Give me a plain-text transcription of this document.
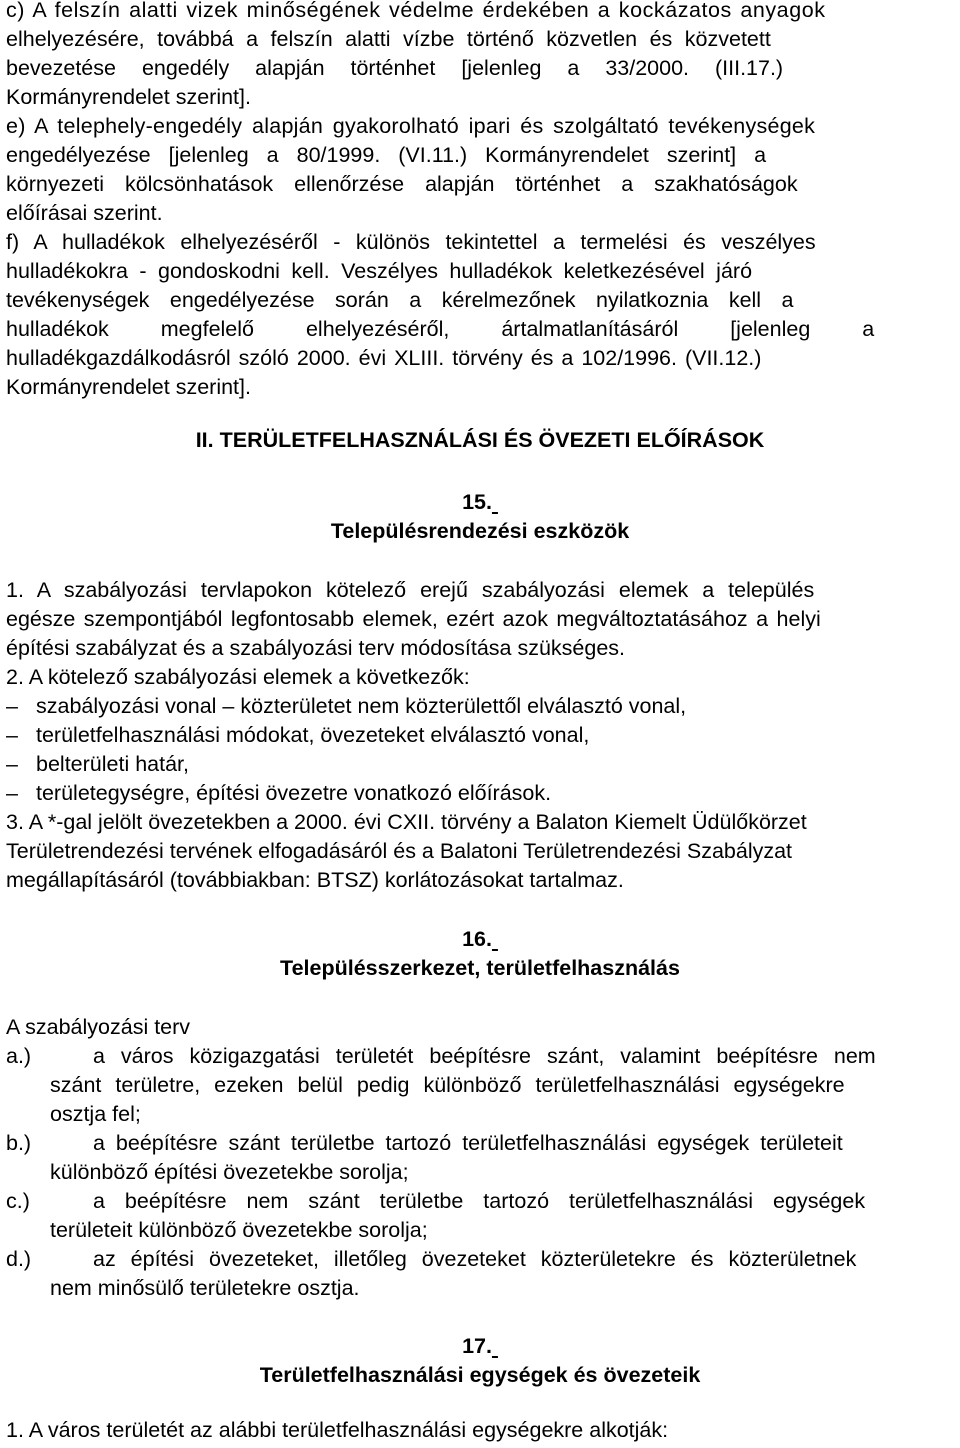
c) A felszín alatti vizek minőségének védelme érdekében a kockázatos anyagok
elhelyezésére, továbbá a felszín alatti vízbe történő közvetlen és közvetett
bevezetése engedély alapján történhet [jelenleg a 33/2000. (III.17.)
Kormányrendelet szerint].
e) A telephely-engedély alapján gyakorolható ipari és szolgáltató tevékenységek
engedélyezése [jelenleg a 80/1999. (VI.11.) Kormányrendelet szerint] a
környezeti kölcsönhatások ellenőrzése alapján történhet a szakhatóságok
előírásai szerint.
f) A hulladékok elhelyezéséről - különös tekintettel a termelési és veszélyes
hulladékokra - gondoskodni kell. Veszélyes hulladékok keletkezésével járó
tevékenységek engedélyezése során a kérelmezőnek nyilatkoznia kell a
hulladékok megfelelő elhelyezéséről, ártalmatlanításáról [jelenleg a
hulladékgazdálkodásról szóló 2000. évi XLIII. törvény és a 102/1996. (VII.12.)
Kormányrendelet szerint].
II. TERÜLETFELHASZNÁLÁSI ÉS ÖVEZETI ELŐÍRÁSOK
15.
Településrendezési eszközök
1. A szabályozási tervlapokon kötelező erejű szabályozási elemek a település
egésze szempontjából legfontosabb elemek, ezért azok megváltoztatásához a helyi
építési szabályzat és a szabályozási terv módosítása szükséges.
2. A kötelező szabályozási elemek a következők:
– szabályozási vonal – közterületet nem közterülettől elválasztó vonal,
– területfelhasználási módokat, övezeteket elválasztó vonal,
– belterületi határ,
– területegységre, építési övezetre vonatkozó előírások.
3. A *-gal jelölt övezetekben a 2000. évi CXII. törvény a Balaton Kiemelt Üdülőkörzet
Területrendezési tervének elfogadásáról és a Balatoni Területrendezési Szabályzat
megállapításáról (továbbiakban: BTSZ) korlátozásokat tartalmaz.
16.
Településszerkezet, területfelhasználás
A szabályozási terv
a.)	a város közigazgatási területét beépítésre szánt, valamint beépítésre nem
szánt területre, ezeken belül pedig különböző területfelhasználási egységekre
osztja fel;
b.)	a beépítésre szánt területbe tartozó területfelhasználási egységek területeit
különböző építési övezetekbe sorolja;
c.)	a beépítésre nem szánt területbe tartozó területfelhasználási egységek
területeit különböző övezetekbe sorolja;
d.)	az építési övezeteket, illetőleg övezeteket közterületekre és közterületnek
nem minősülő területekre osztja.
17.
Területfelhasználási egységek és övezeteik
1. A város területét az alábbi területfelhasználási egységekre alkotják:
